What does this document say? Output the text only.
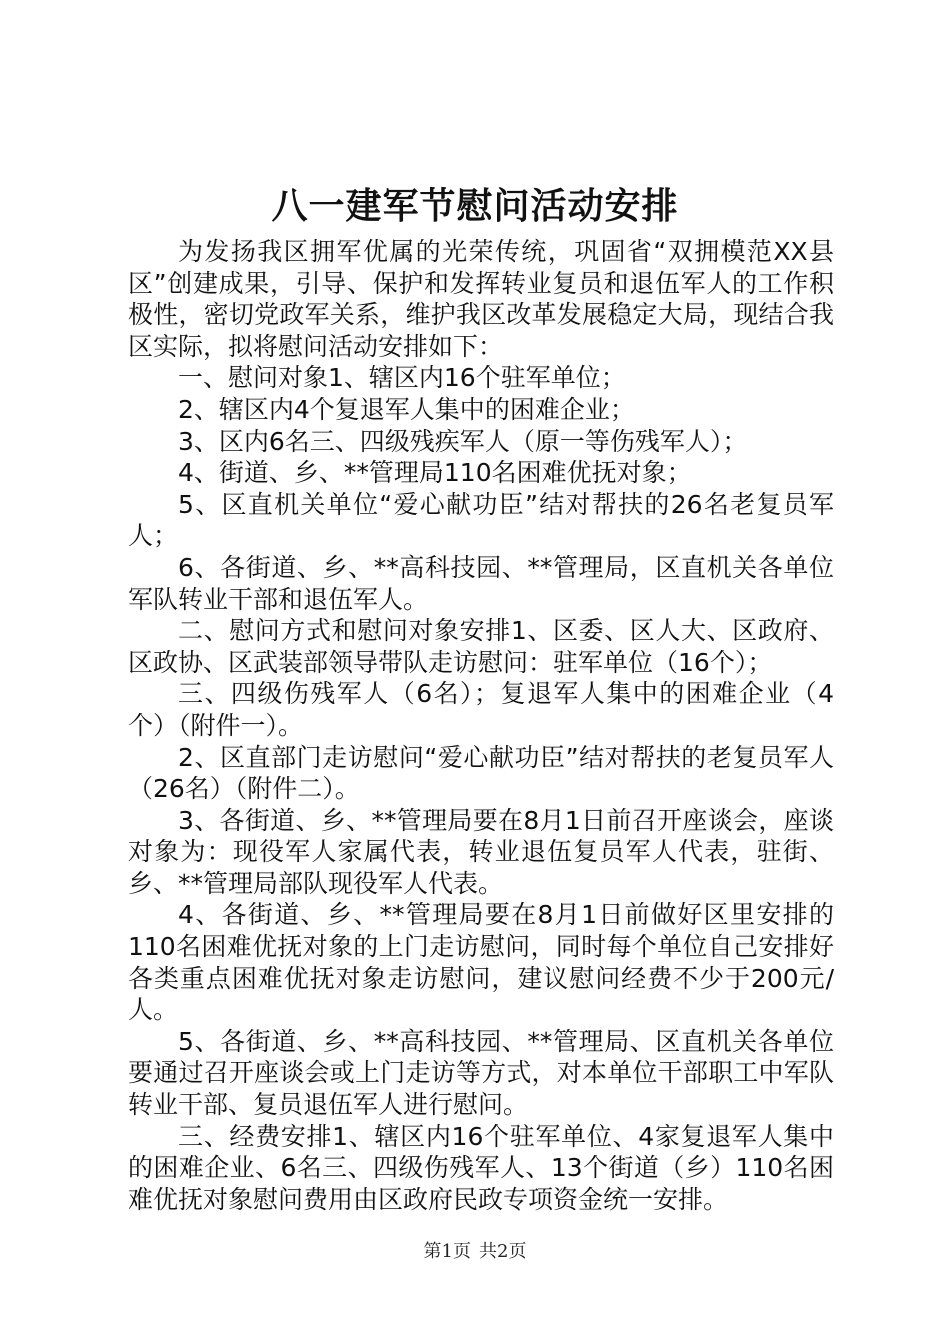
八一建军节慰问活动安排

为发扬我区拥军优属的光荣传统，巩固省“双拥模范XX县区”创建成果，引导、保护和发挥转业复员和退伍军人的工作积极性，密切党政军关系，维护我区改革发展稳定大局，现结合我区实际，拟将慰问活动安排如下：

一、慰问对象1、辖区内16个驻军单位；

2、辖区内4个复退军人集中的困难企业；

3、区内6名三、四级残疾军人（原一等伤残军人）；

4、街道、乡、**管理局110名困难优抚对象；

5、区直机关单位“爱心献功臣”结对帮扶的26名老复员军人；

6、各街道、乡、**高科技园、**管理局，区直机关各单位军队转业干部和退伍军人。

二、慰问方式和慰问对象安排1、区委、区人大、区政府、区政协、区武装部领导带队走访慰问：驻军单位（16个）；

三、四级伤残军人（6名）；复退军人集中的困难企业（4个）（附件一）。

2、区直部门走访慰问“爱心献功臣”结对帮扶的老复员军人（26名）（附件二）。

3、各街道、乡、**管理局要在8月1日前召开座谈会，座谈对象为：现役军人家属代表，转业退伍复员军人代表，驻街、乡、**管理局部队现役军人代表。

4、各街道、乡、**管理局要在8月1日前做好区里安排的110名困难优抚对象的上门走访慰问，同时每个单位自己安排好各类重点困难优抚对象走访慰问，建议慰问经费不少于200元/人。

5、各街道、乡、**高科技园、**管理局、区直机关各单位要通过召开座谈会或上门走访等方式，对本单位干部职工中军队转业干部、复员退伍军人进行慰问。

三、经费安排1、辖区内16个驻军单位、4家复退军人集中的困难企业、6名三、四级伤残军人、13个街道（乡）110名困难优抚对象慰问费用由区政府民政专项资金统一安排。

第1页 共2页
